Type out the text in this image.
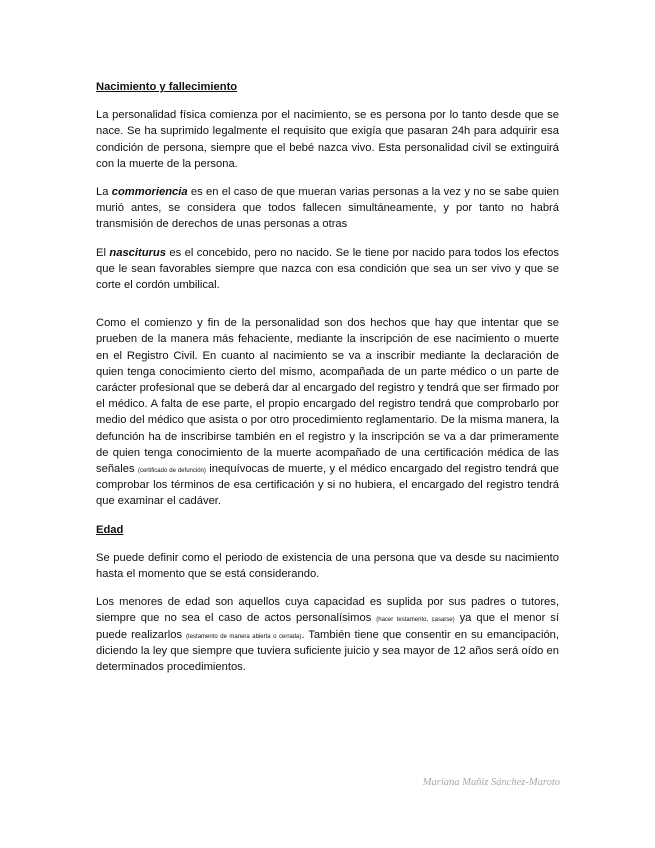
Nacimiento y fallecimiento

La personalidad física comienza por el nacimiento, se es persona por lo tanto desde que se nace. Se ha suprimido legalmente el requisito que exigía que pasaran 24h para adquirir esa condición de persona, siempre que el bebé nazca vivo. Esta personalidad civil se extinguirá con la muerte de la persona.

La commoriencia es en el caso de que mueran varias personas a la vez y no se sabe quien murió antes, se considera que todos fallecen simultáneamente, y por tanto no habrá transmisión de derechos de unas personas a otras

El nasciturus es el concebido, pero no nacido. Se le tiene por nacido para todos los efectos que le sean favorables siempre que nazca con esa condición que sea un ser vivo y que se corte el cordón umbilical.

Como el comienzo y fin de la personalidad son dos hechos que hay que intentar que se prueben de la manera más fehaciente, mediante la inscripción de ese nacimiento o muerte en el Registro Civil. En cuanto al nacimiento se va a inscribir mediante la declaración de quien tenga conocimiento cierto del mismo, acompañada de un parte médico o un parte de carácter profesional que se deberá dar al encargado del registro y tendrá que ser firmado por el médico. A falta de ese parte, el propio encargado del registro tendrá que comprobarlo por medio del médico que asista o por otro procedimiento reglamentario. De la misma manera, la defunción ha de inscribirse también en el registro y la inscripción se va a dar primeramente de quien tenga conocimiento de la muerte acompañado de una certificación médica de las señales (certificado de defunción) inequívocas de muerte, y el médico encargado del registro tendrá que comprobar los términos de esa certificación y si no hubiera, el encargado del registro tendrá que examinar el cadáver.

Edad

Se puede definir como el periodo de existencia de una persona que va desde su nacimiento hasta el momento que se está considerando.

Los menores de edad son aquellos cuya capacidad es suplida por sus padres o tutores, siempre que no sea el caso de actos personalísimos (hacer testamento, casarse) ya que el menor sí puede realizarlos (testamento de manera abierta o cerrada). También tiene que consentir en su emancipación, diciendo la ley que siempre que tuviera suficiente juicio y sea mayor de 12 años será oído en determinados procedimientos.

Mariana Muñiz Sánchez-Maroto
